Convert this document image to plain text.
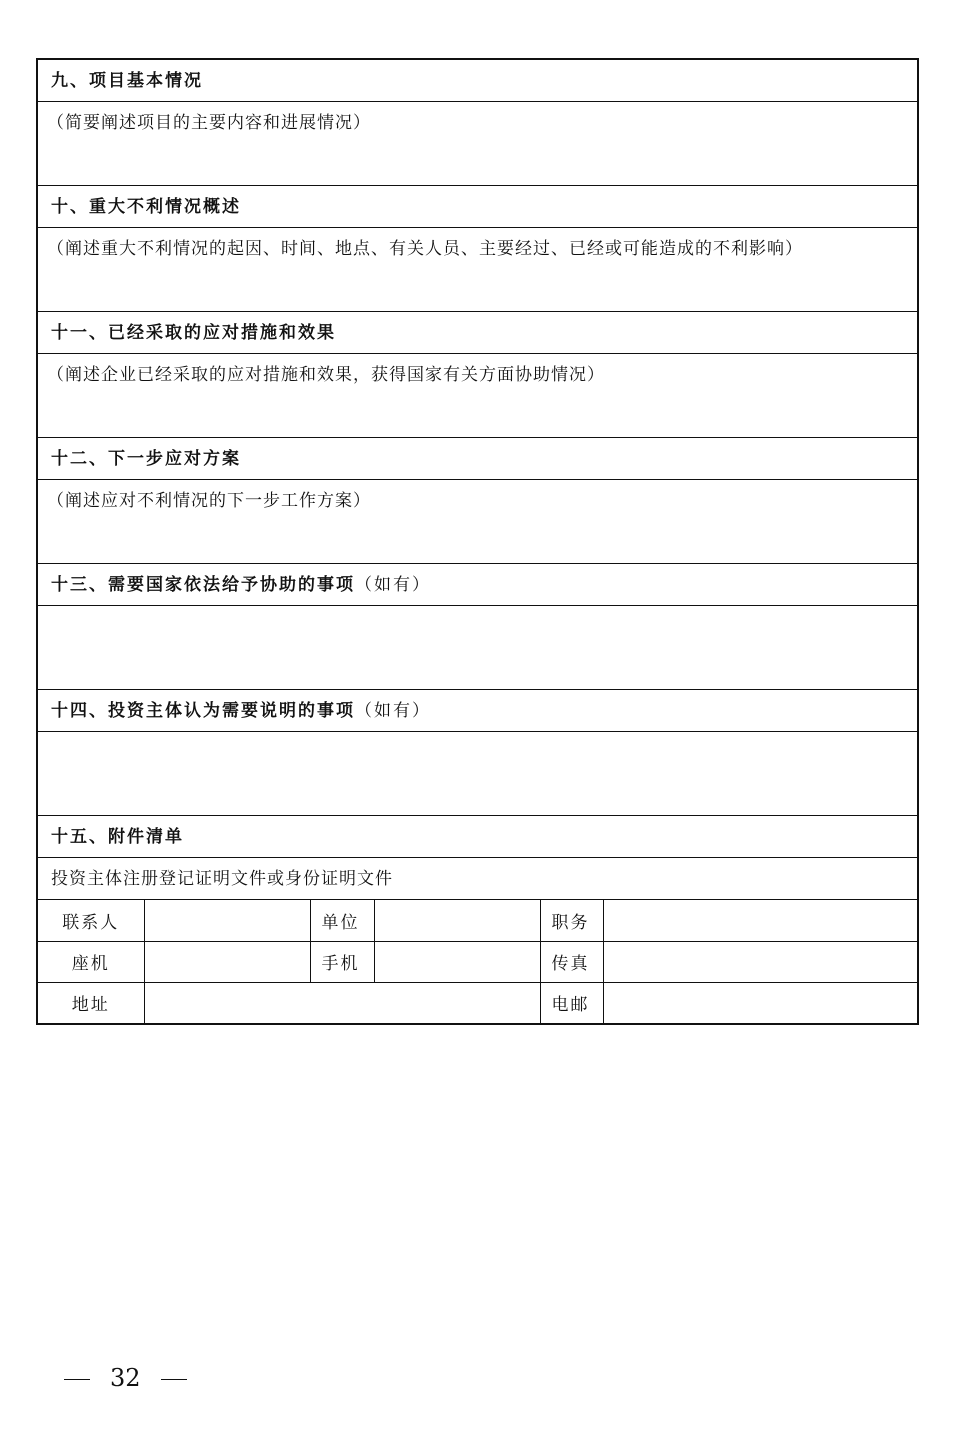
九、项目基本情况
（简要阐述项目的主要内容和进展情况）
十、重大不利情况概述
（阐述重大不利情况的起因、时间、地点、有关人员、主要经过、已经或可能造成的不利影响）
十一、已经采取的应对措施和效果
（阐述企业已经采取的应对措施和效果，获得国家有关方面协助情况）
十二、下一步应对方案
（阐述应对不利情况的下一步工作方案）
十三、需要国家依法给予协助的事项（如有）
十四、投资主体认为需要说明的事项（如有）
十五、附件清单
投资主体注册登记证明文件或身份证明文件
联系人		单位		职务	
座机		手机		传真	
地址				电邮	
32
